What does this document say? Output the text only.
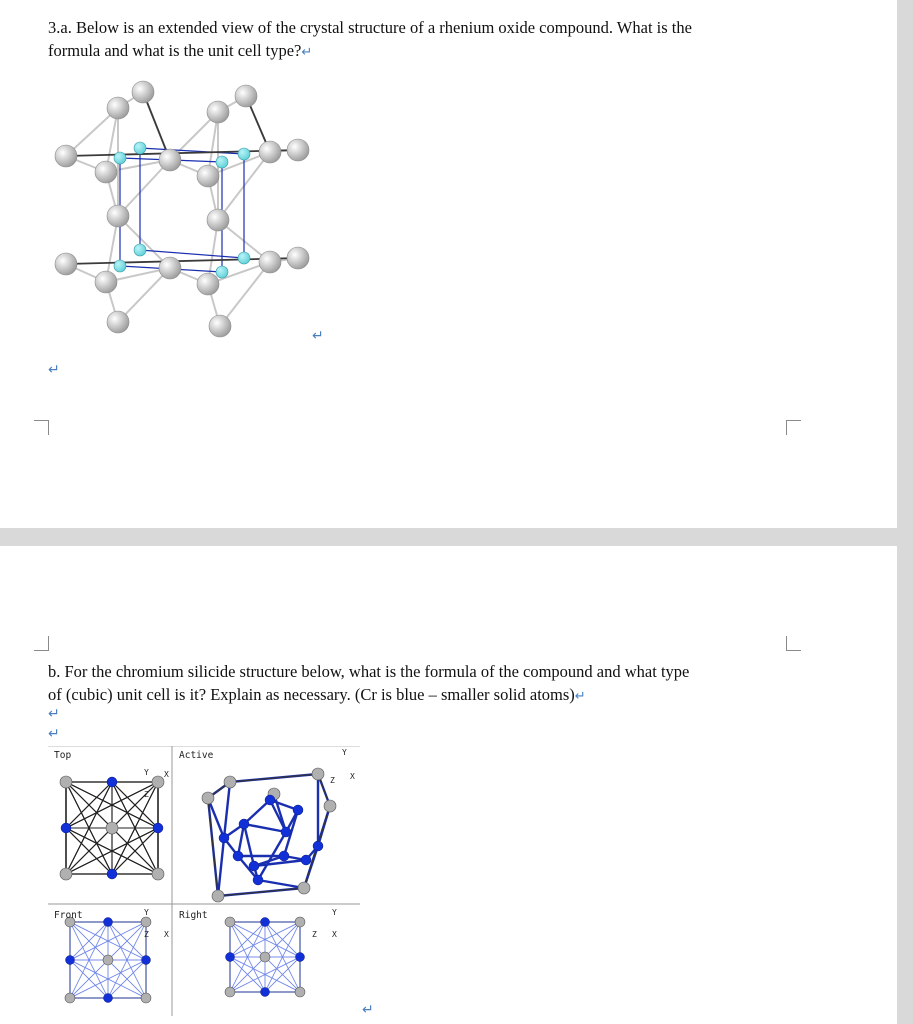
3.a. Below is an extended view of the crystal structure of a rhenium oxide compound. What is the
formula and what is the unit cell type?↵
↵
↵
b. For the chromium silicide structure below, what is the formula of the compound and what type
of (cubic) unit cell is it? Explain as necessary. (Cr is blue – smaller solid atoms)↵
↵
↵
Top	Active
Front	Right
Y X
Z
Y
X
Z
Y
X
Z
Y
X
Z
↵
